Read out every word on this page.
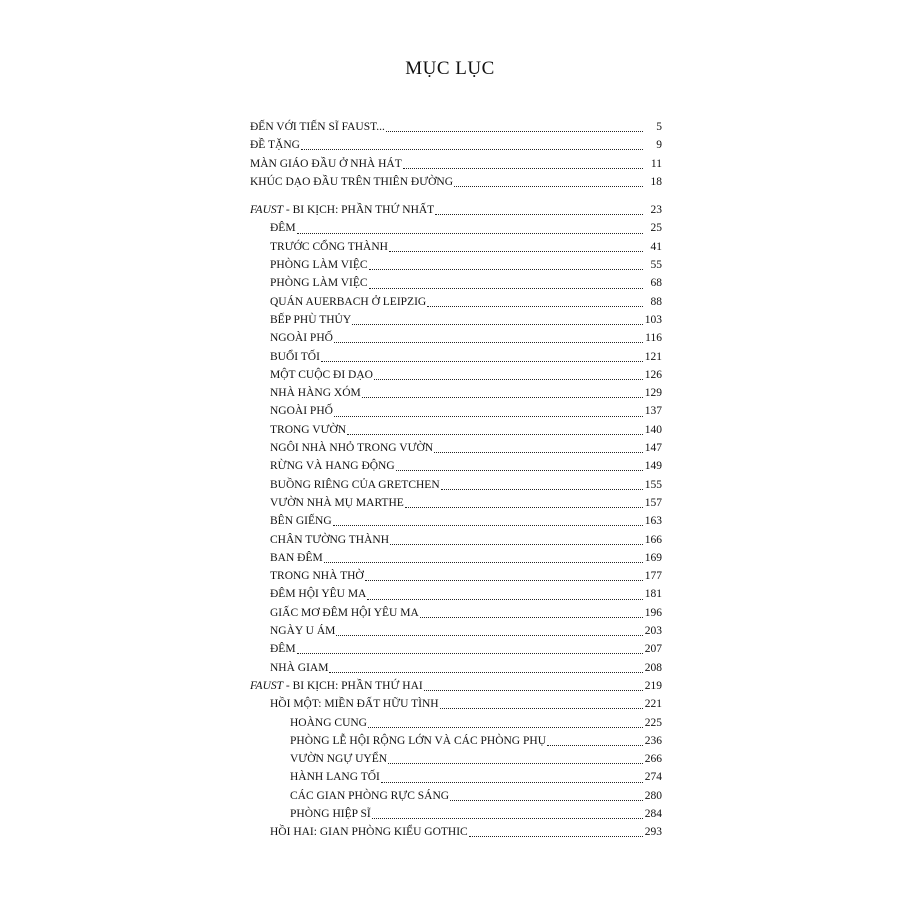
MỤC LỤC
ĐẾN VỚI TIẾN SĨ FAUST...	5
ĐỀ TẶNG	9
MÀN GIÁO ĐẦU Ở NHÀ HÁT	11
KHÚC DẠO ĐẦU TRÊN THIÊN ĐƯỜNG	18
FAUST - BI KỊCH: PHẦN THỨ NHẤT	23
ĐÊM	25
TRƯỚC CỔNG THÀNH	41
PHÒNG LÀM VIỆC	55
PHÒNG LÀM VIỆC	68
QUÁN AUERBACH Ở LEIPZIG	88
BẾP PHÙ THỦY	103
NGOÀI PHỐ	116
BUỔI TỐI	121
MỘT CUỘC ĐI DẠO	126
NHÀ HÀNG XÓM	129
NGOÀI PHỐ	137
TRONG VƯỜN	140
NGÔI NHÀ NHỎ TRONG VƯỜN	147
RỪNG VÀ HANG ĐỘNG	149
BUỒNG RIÊNG CỦA GRETCHEN	155
VƯỜN NHÀ MỤ MARTHE	157
BÊN GIẾNG	163
CHÂN TƯỜNG THÀNH	166
BAN ĐÊM	169
TRONG NHÀ THỜ	177
ĐÊM HỘI YÊU MA	181
GIẤC MƠ ĐÊM HỘI YÊU MA	196
NGÀY U ÁM	203
ĐÊM	207
NHÀ GIAM	208
FAUST - BI KỊCH: PHẦN THỨ HAI	219
HỒI MỘT: MIỀN ĐẤT HỮU TÌNH	221
HOÀNG CUNG	225
PHÒNG LỄ HỘI RỘNG LỚN VÀ CÁC PHÒNG PHỤ	236
VƯỜN NGỰ UYỂN	266
HÀNH LANG TỐI	274
CÁC GIAN PHÒNG RỰC SÁNG	280
PHÒNG HIỆP SĨ	284
HỒI HAI: GIAN PHÒNG KIỂU GOTHIC	293
